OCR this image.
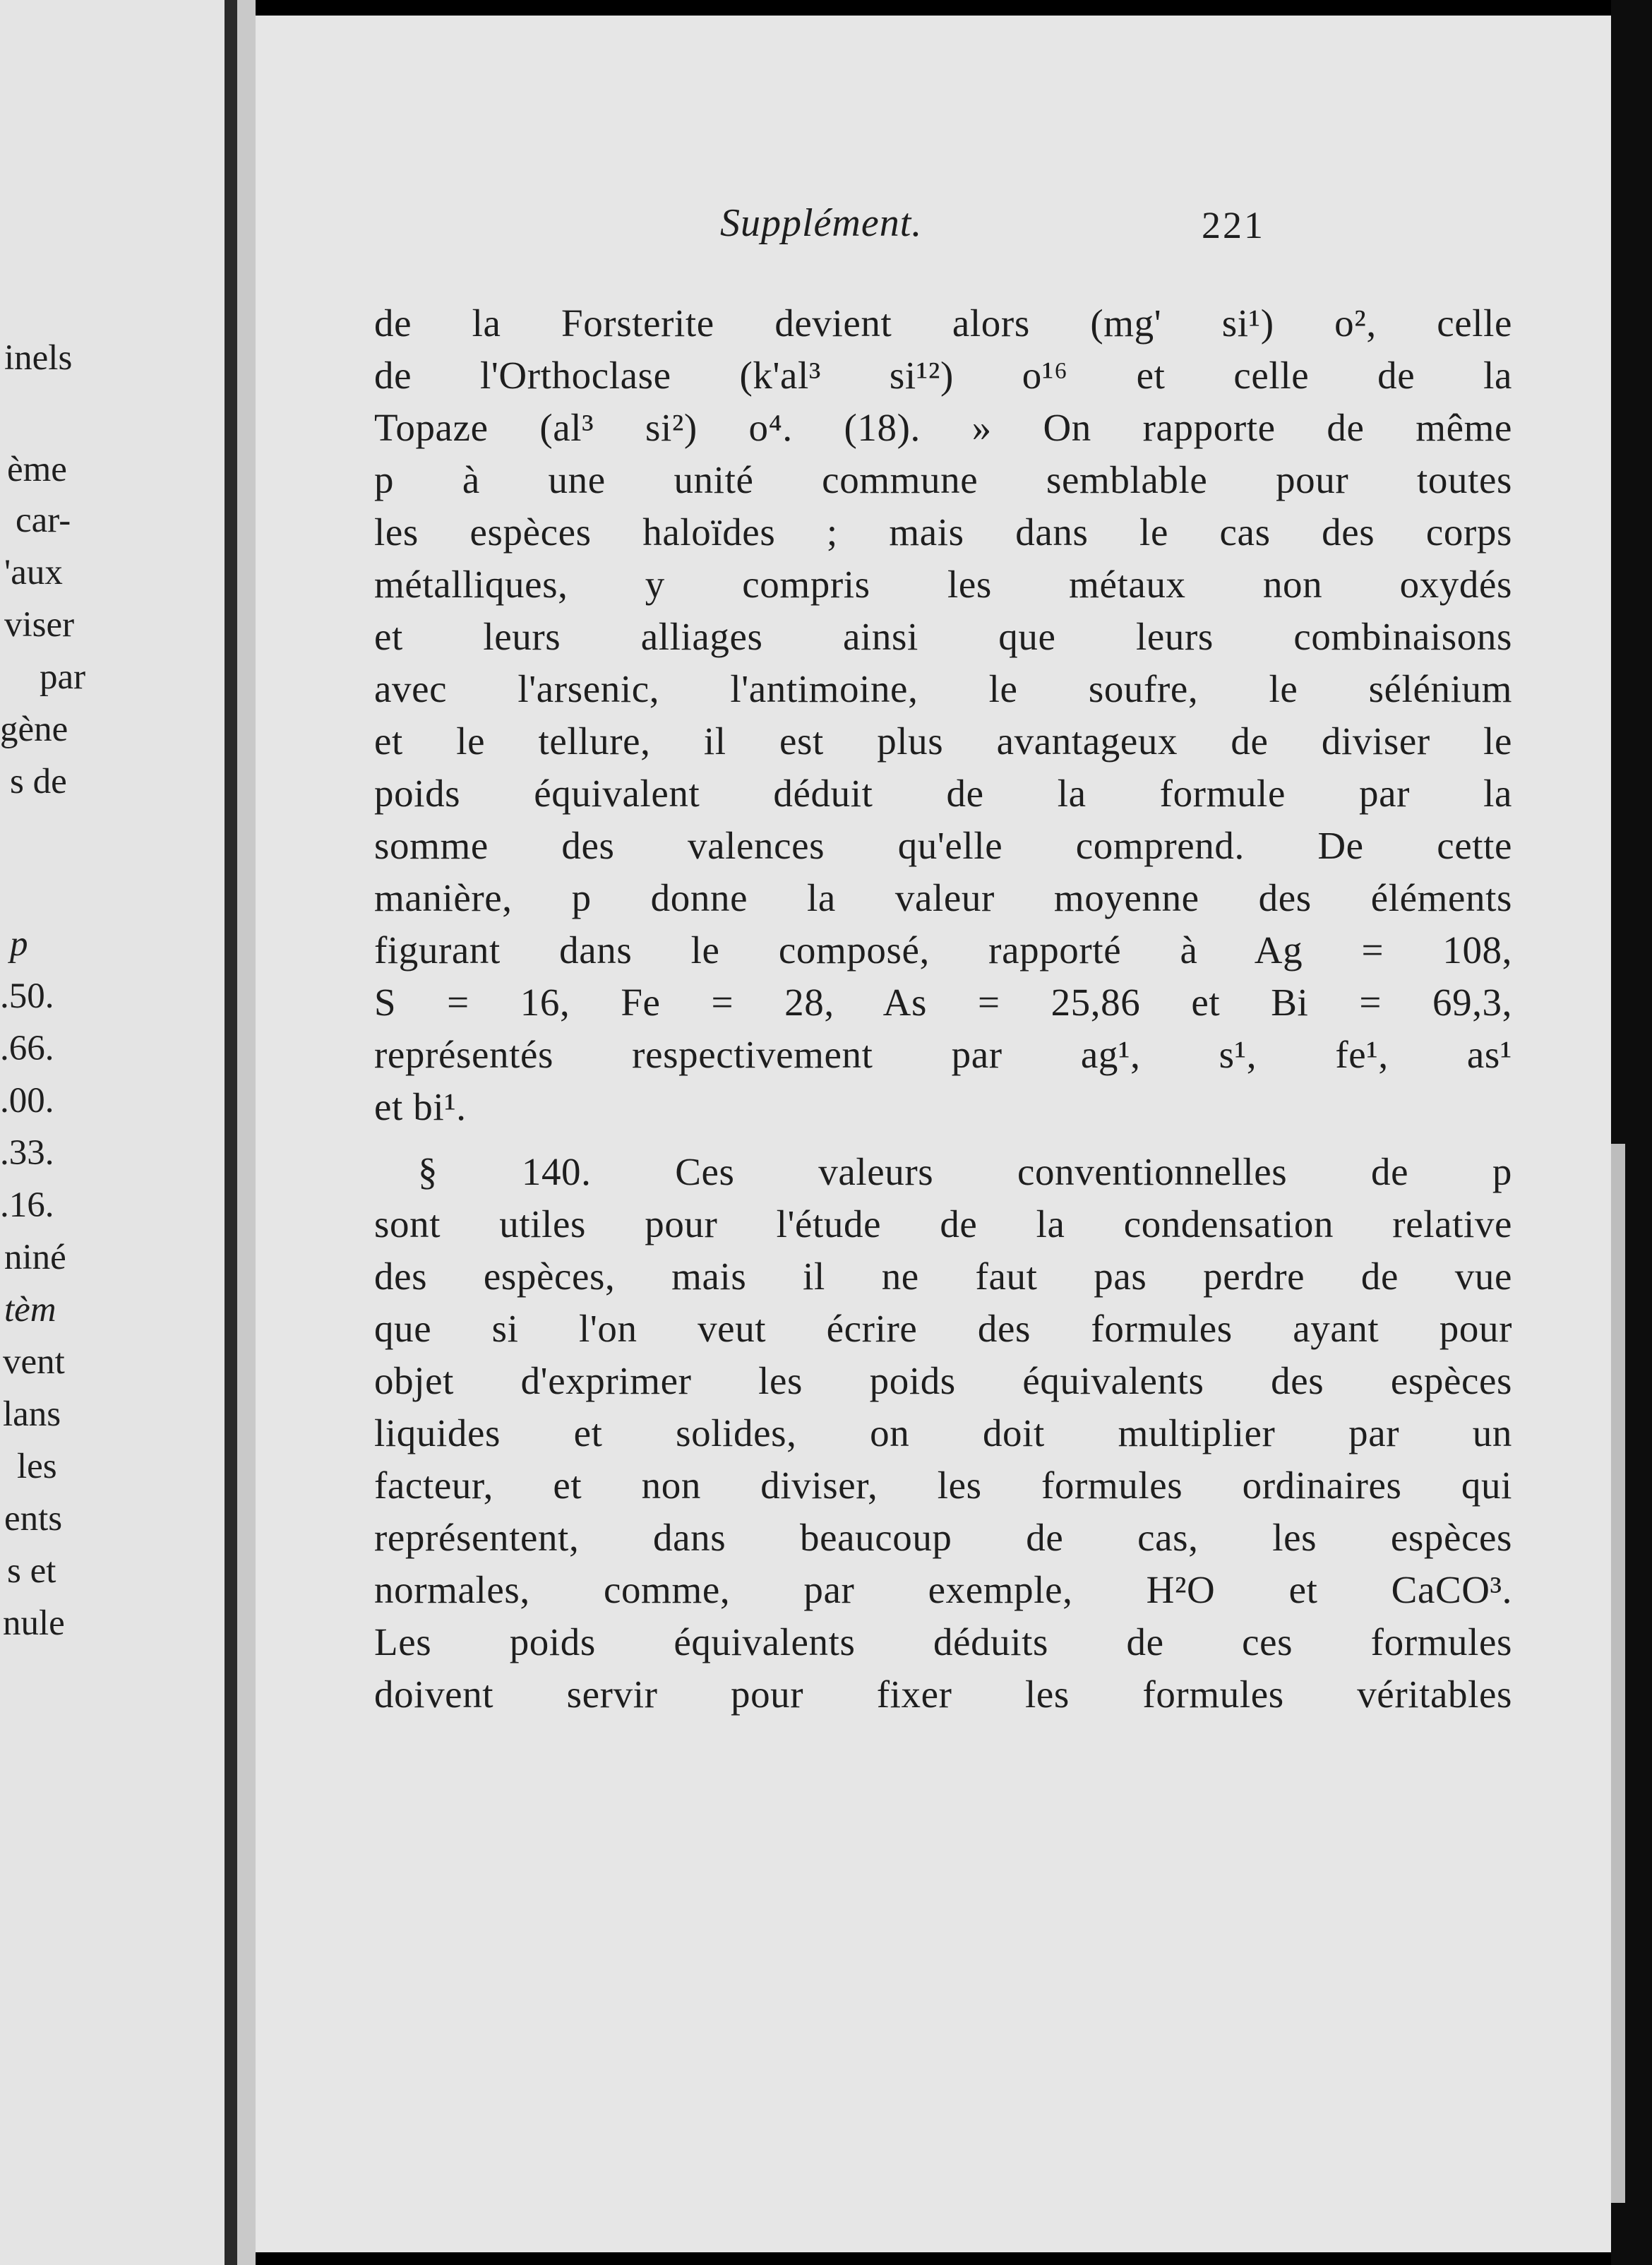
inels
ème
car-
'aux
viser
par
gène
s de
p
.50.
.66.
.00.
.33.
.16.
niné
tèm
vent
lans
les
ents
s et
nule
Supplément.	221
de la Forsterite devient alors (mg' si¹) o², celle
de l'Orthoclase (k'al³ si¹²) o¹⁶ et celle de la
Topaze (al³ si²) o⁴. (18). » On rapporte de même
p à une unité commune semblable pour toutes
les espèces haloïdes ; mais dans le cas des corps
métalliques, y compris les métaux non oxydés
et leurs alliages ainsi que leurs combinaisons
avec l'arsenic, l'antimoine, le soufre, le sélénium
et le tellure, il est plus avantageux de diviser le
poids équivalent déduit de la formule par la
somme des valences qu'elle comprend. De cette
manière, p donne la valeur moyenne des éléments
figurant dans le composé, rapporté à Ag = 108,
S = 16, Fe = 28, As = 25,86 et Bi = 69,3,
représentés respectivement par ag¹, s¹, fe¹, as¹
et bi¹.
§ 140. Ces valeurs conventionnelles de p
sont utiles pour l'étude de la condensation relative
des espèces, mais il ne faut pas perdre de vue
que si l'on veut écrire des formules ayant pour
objet d'exprimer les poids équivalents des espèces
liquides et solides, on doit multiplier par un
facteur, et non diviser, les formules ordinaires qui
représentent, dans beaucoup de cas, les espèces
normales, comme, par exemple, H²O et CaCO³.
Les poids équivalents déduits de ces formules
doivent servir pour fixer les formules véritables
